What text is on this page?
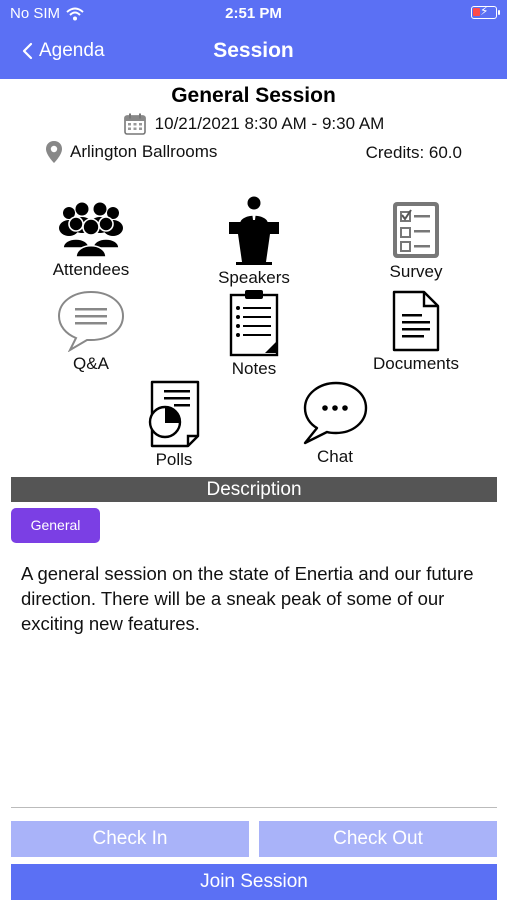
No SIM	2:51 PM	⚡
Agenda	Session
General Session
10/21/2021 8:30 AM - 9:30 AM
Arlington Ballrooms	Credits: 60.0
Attendees	Speakers	Survey
Q&A	Notes	Documents
Polls	Chat
Description
General
A general session on the state of Enertia and our future direction. There will be a sneak peak of some of our exciting new features.
Check In	Check Out
Join Session
